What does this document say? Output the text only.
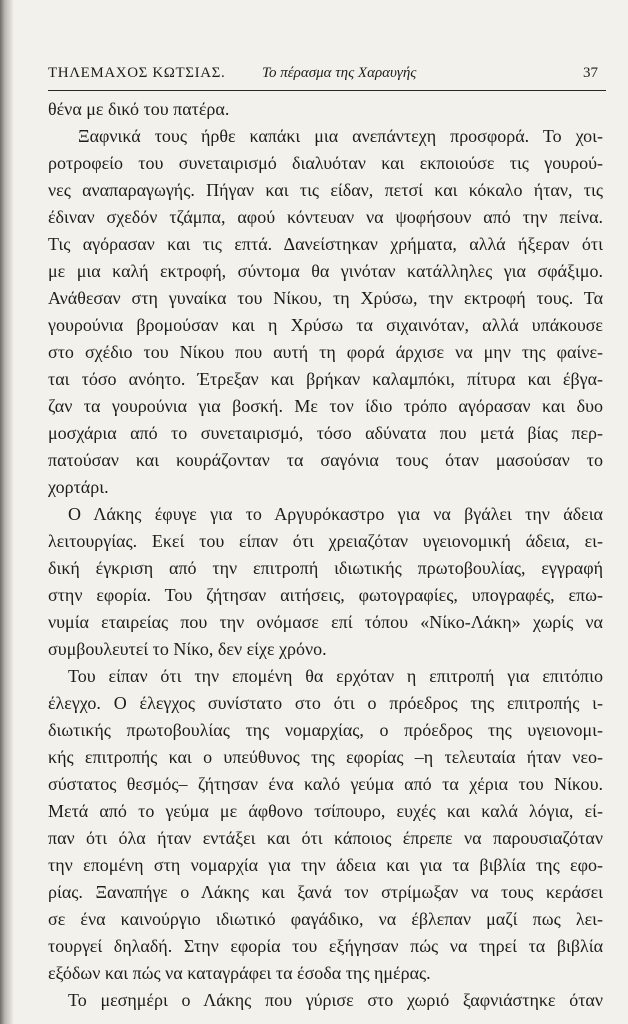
ΤΗΛΕΜΑΧΟΣ ΚΩΤΣΙΑΣ. Το πέρασμα της Χαραυγής	37
θένα με δικό του πατέρα.
Ξαφνικά τους ήρθε καπάκι μια ανεπάντεχη προσφορά. Το χοι-
ροτροφείο του συνεταιρισμό διαλυόταν και εκποιούσε τις γουρού-
νες αναπαραγωγής. Πήγαν και τις είδαν, πετσί και κόκαλο ήταν, τις
έδιναν σχεδόν τζάμπα, αφού κόντευαν να ψοφήσουν από την πείνα.
Τις αγόρασαν και τις επτά. Δανείστηκαν χρήματα, αλλά ήξεραν ότι
με μια καλή εκτροφή, σύντομα θα γινόταν κατάλληλες για σφάξιμο.
Ανάθεσαν στη γυναίκα του Νίκου, τη Χρύσω, την εκτροφή τους. Τα
γουρούνια βρομούσαν και η Χρύσω τα σιχαινόταν, αλλά υπάκουσε
στο σχέδιο του Νίκου που αυτή τη φορά άρχισε να μην της φαίνε-
ται τόσο ανόητο. Έτρεξαν και βρήκαν καλαμπόκι, πίτυρα και έβγα-
ζαν τα γουρούνια για βοσκή. Με τον ίδιο τρόπο αγόρασαν και δυο
μοσχάρια από το συνεταιρισμό, τόσο αδύνατα που μετά βίας περ-
πατούσαν και κουράζονταν τα σαγόνια τους όταν μασούσαν το
χορτάρι.
Ο Λάκης έφυγε για το Αργυρόκαστρο για να βγάλει την άδεια
λειτουργίας. Εκεί του είπαν ότι χρειαζόταν υγειονομική άδεια, ει-
δική έγκριση από την επιτροπή ιδιωτικής πρωτοβουλίας, εγγραφή
στην εφορία. Του ζήτησαν αιτήσεις, φωτογραφίες, υπογραφές, επω-
νυμία εταιρείας που την ονόμασε επί τόπου «Νίκο-Λάκη» χωρίς να
συμβουλευτεί το Νίκο, δεν είχε χρόνο.
Του είπαν ότι την επομένη θα ερχόταν η επιτροπή για επιτόπιο
έλεγχο. Ο έλεγχος συνίστατο στο ότι ο πρόεδρος της επιτροπής ι-
διωτικής πρωτοβουλίας της νομαρχίας, ο πρόεδρος της υγειονομι-
κής επιτροπής και ο υπεύθυνος της εφορίας –η τελευταία ήταν νεο-
σύστατος θεσμός– ζήτησαν ένα καλό γεύμα από τα χέρια του Νίκου.
Μετά από το γεύμα με άφθονο τσίπουρο, ευχές και καλά λόγια, εί-
παν ότι όλα ήταν εντάξει και ότι κάποιος έπρεπε να παρουσιαζόταν
την επομένη στη νομαρχία για την άδεια και για τα βιβλία της εφο-
ρίας. Ξαναπήγε ο Λάκης και ξανά τον στρίμωξαν να τους κεράσει
σε ένα καινούργιο ιδιωτικό φαγάδικο, να έβλεπαν μαζί πως λει-
τουργεί δηλαδή. Στην εφορία του εξήγησαν πώς να τηρεί τα βιβλία
εξόδων και πώς να καταγράφει τα έσοδα της ημέρας.
Το μεσημέρι ο Λάκης που γύρισε στο χωριό ξαφνιάστηκε όταν
